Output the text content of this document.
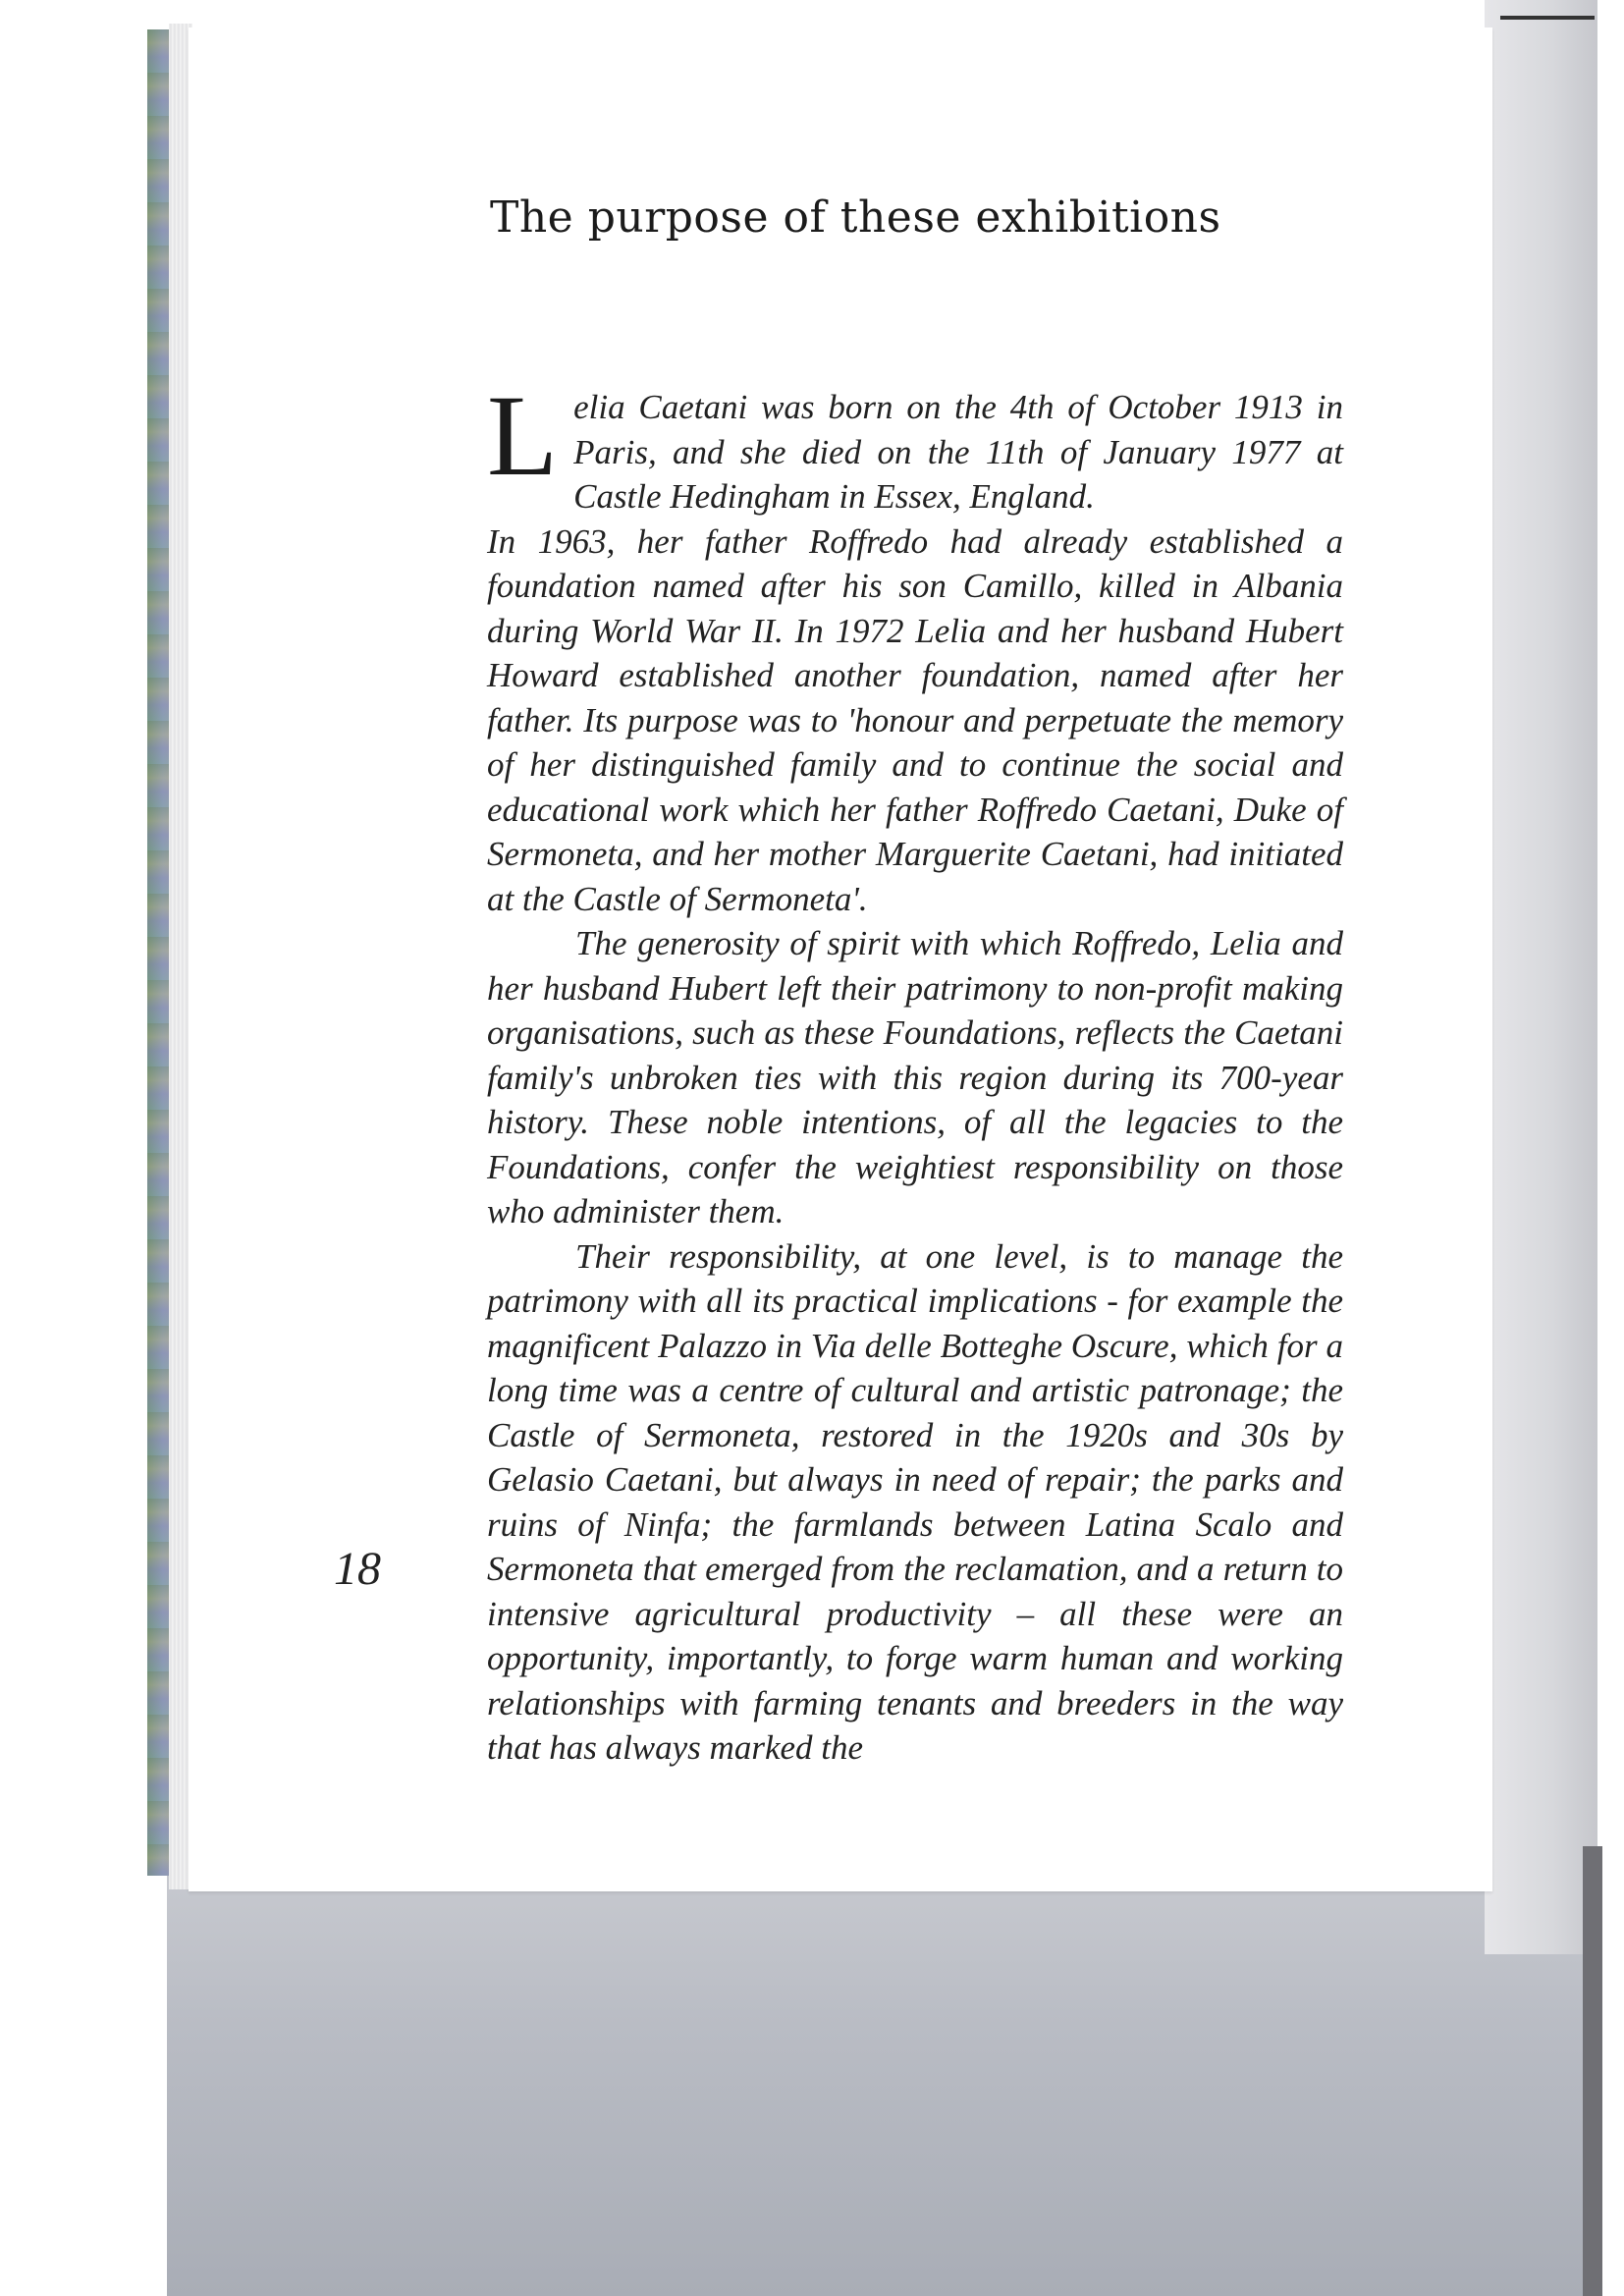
The purpose of these exhibitions

Lelia Caetani was born on the 4th of October 1913 in Paris, and she died on the 11th of January 1977 at Castle Hedingham in Essex, England.

In 1963, her father Roffredo had already established a foundation named after his son Camillo, killed in Albania during World War II. In 1972 Lelia and her husband Hubert Howard established another foundation, named after her father. Its purpose was to 'honour and perpetuate the memory of her distinguished family and to continue the social and educational work which her father Roffredo Caetani, Duke of Sermoneta, and her mother Marguerite Caetani, had initiated at the Castle of Sermoneta'.

The generosity of spirit with which Roffredo, Lelia and her husband Hubert left their patrimony to non-profit making organisations, such as these Foundations, reflects the Caetani family's unbroken ties with this region during its 700-year history. These noble intentions, of all the legacies to the Foundations, confer the weightiest responsibility on those who administer them.

Their responsibility, at one level, is to manage the patrimony with all its practical implications - for example the magnificent Palazzo in Via delle Botteghe Oscure, which for a long time was a centre of cultural and artistic patronage; the Castle of Sermoneta, restored in the 1920s and 30s by Gelasio Caetani, but always in need of repair; the parks and ruins of Ninfa; the farmlands between Latina Scalo and Sermoneta that emerged from the reclamation, and a return to intensive agricultural productivity – all these were an opportunity, importantly, to forge warm human and working relationships with farming tenants and breeders in the way that has always marked the

18
